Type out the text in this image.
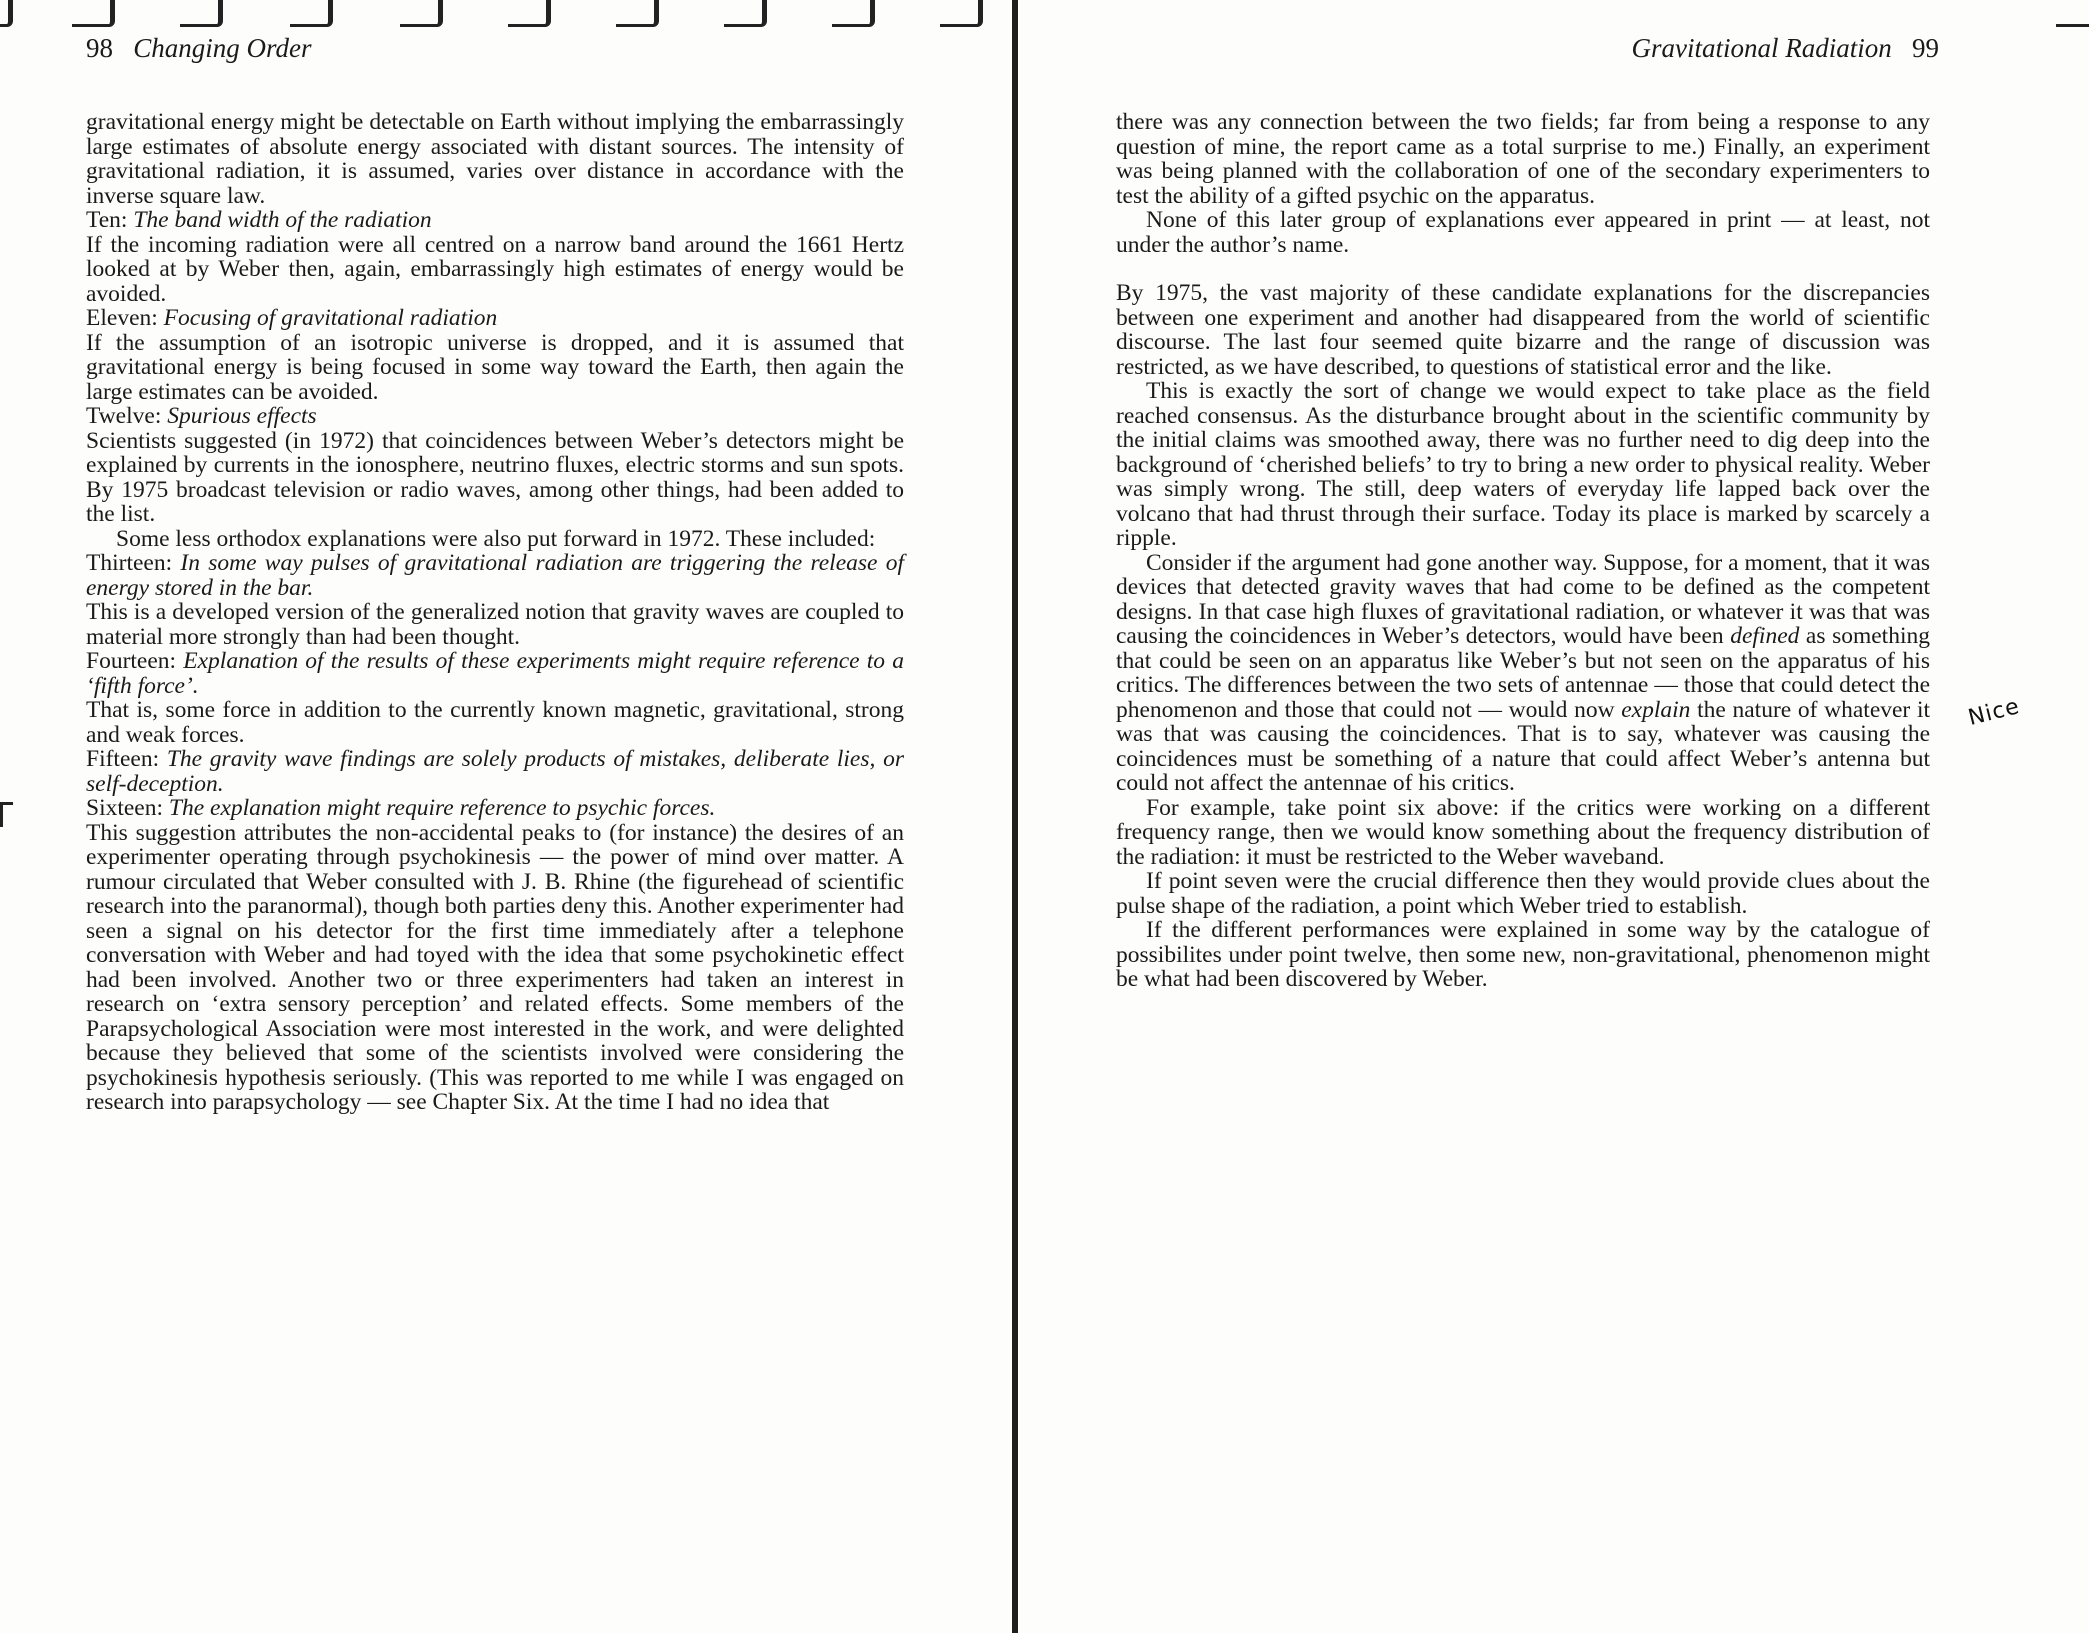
98 Changing Order

gravitational energy might be detectable on Earth without implying the embarrassingly large estimates of absolute energy associated with distant sources. The intensity of gravitational radiation, it is assumed, varies over distance in accordance with the inverse square law.

Ten: The band width of the radiation

If the incoming radiation were all centred on a narrow band around the 1661 Hertz looked at by Weber then, again, embarrassingly high estimates of energy would be avoided.

Eleven: Focusing of gravitational radiation

If the assumption of an isotropic universe is dropped, and it is assumed that gravitational energy is being focused in some way toward the Earth, then again the large estimates can be avoided.

Twelve: Spurious effects

Scientists suggested (in 1972) that coincidences between Weber’s detectors might be explained by currents in the ionosphere, neutrino fluxes, electric storms and sun spots. By 1975 broadcast television or radio waves, among other things, had been added to the list.

Some less orthodox explanations were also put forward in 1972. These included:

Thirteen: In some way pulses of gravitational radiation are triggering the release of energy stored in the bar.

This is a developed version of the generalized notion that gravity waves are coupled to material more strongly than had been thought.

Fourteen: Explanation of the results of these experiments might require reference to a ‘fifth force’.

That is, some force in addition to the currently known magnetic, gravitational, strong and weak forces.

Fifteen: The gravity wave findings are solely products of mistakes, deliberate lies, or self-deception.

Sixteen: The explanation might require reference to psychic forces.

This suggestion attributes the non-accidental peaks to (for instance) the desires of an experimenter operating through psychokinesis — the power of mind over matter. A rumour circulated that Weber consulted with J. B. Rhine (the figurehead of scientific research into the paranormal), though both parties deny this. Another experimenter had seen a signal on his detector for the first time immediately after a telephone conversation with Weber and had toyed with the idea that some psychokinetic effect had been involved. Another two or three experimenters had taken an interest in research on ‘extra sensory perception’ and related effects. Some members of the Parapsychological Association were most interested in the work, and were delighted because they believed that some of the scientists involved were considering the psychokinesis hypothesis seriously. (This was reported to me while I was engaged on research into parapsychology — see Chapter Six. At the time I had no idea that

Gravitational Radiation 99

there was any connection between the two fields; far from being a response to any question of mine, the report came as a total surprise to me.) Finally, an experiment was being planned with the collaboration of one of the secondary experimenters to test the ability of a gifted psychic on the apparatus.

None of this later group of explanations ever appeared in print — at least, not under the author’s name.

By 1975, the vast majority of these candidate explanations for the discrepancies between one experiment and another had disappeared from the world of scientific discourse. The last four seemed quite bizarre and the range of discussion was restricted, as we have described, to questions of statistical error and the like.

This is exactly the sort of change we would expect to take place as the field reached consensus. As the disturbance brought about in the scientific community by the initial claims was smoothed away, there was no further need to dig deep into the background of ‘cherished beliefs’ to try to bring a new order to physical reality. Weber was simply wrong. The still, deep waters of everyday life lapped back over the volcano that had thrust through their surface. Today its place is marked by scarcely a ripple.

Consider if the argument had gone another way. Suppose, for a moment, that it was devices that detected gravity waves that had come to be defined as the competent designs. In that case high fluxes of gravitational radiation, or whatever it was that was causing the coincidences in Weber’s detectors, would have been defined as something that could be seen on an apparatus like Weber’s but not seen on the apparatus of his critics. The differences between the two sets of antennae — those that could detect the phenomenon and those that could not — would now explain the nature of whatever it was that was causing the coincidences. That is to say, whatever was causing the coincidences must be something of a nature that could affect Weber’s antenna but could not affect the antennae of his critics.

For example, take point six above: if the critics were working on a different frequency range, then we would know something about the frequency distribution of the radiation: it must be restricted to the Weber waveband.

If point seven were the crucial difference then they would provide clues about the pulse shape of the radiation, a point which Weber tried to establish.

If the different performances were explained in some way by the catalogue of possibilites under point twelve, then some new, non-gravitational, phenomenon might be what had been discovered by Weber.

Nice
